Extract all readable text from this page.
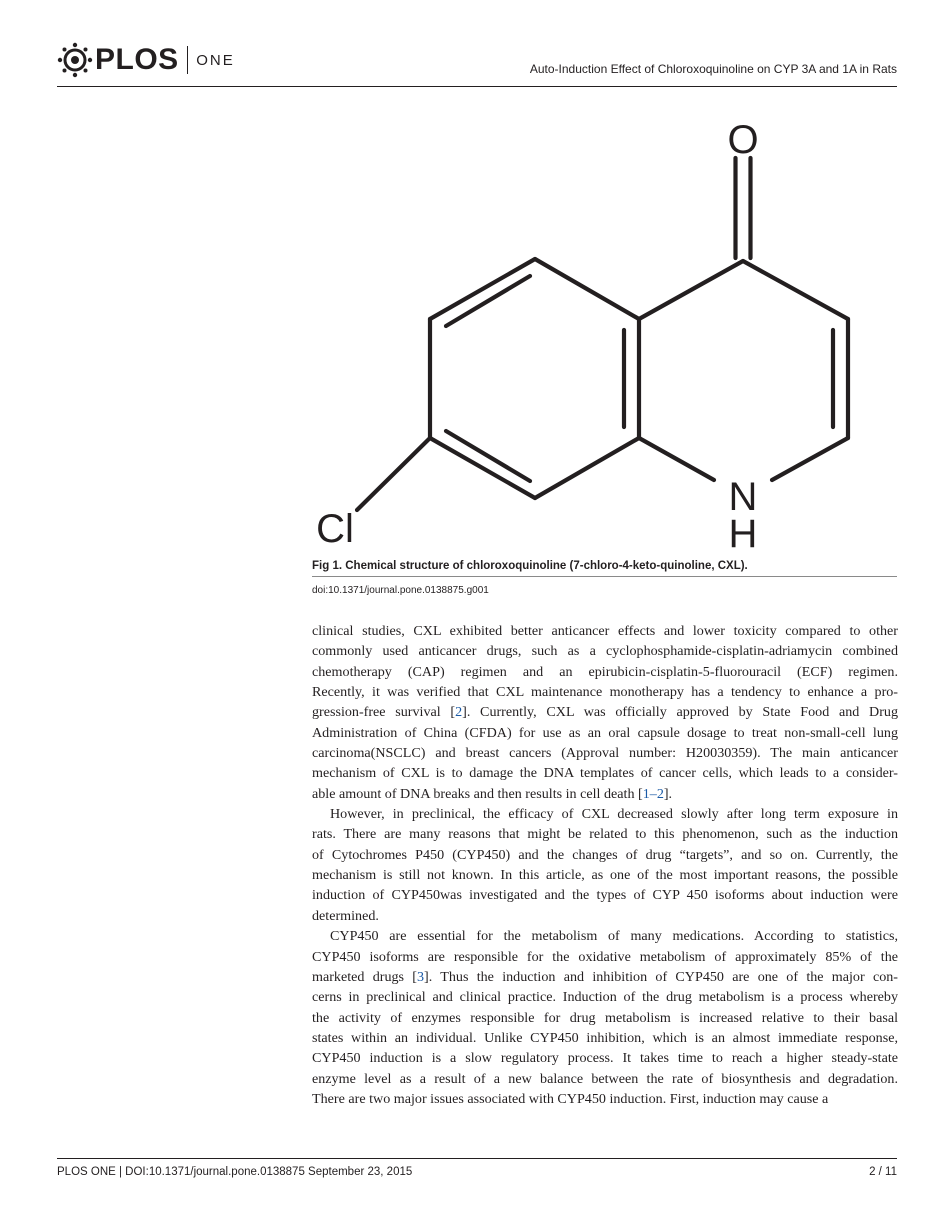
PLOS ONE
Auto-Induction Effect of Chloroxoquinoline on CYP 3A and 1A in Rats
O
N
H
Cl
Fig 1. Chemical structure of chloroxoquinoline (7-chloro-4-keto-quinoline, CXL).
doi:10.1371/journal.pone.0138875.g001

clinical studies, CXL exhibited better anticancer effects and lower toxicity compared to other
commonly used anticancer drugs, such as a cyclophosphamide-cisplatin-adriamycin combined
chemotherapy (CAP) regimen and an epirubicin-cisplatin-5-fluorouracil (ECF) regimen.
Recently, it was verified that CXL maintenance monotherapy has a tendency to enhance a pro-
gression-free survival [2]. Currently, CXL was officially approved by State Food and Drug
Administration of China (CFDA) for use as an oral capsule dosage to treat non-small-cell lung
carcinoma(NSCLC) and breast cancers (Approval number: H20030359). The main anticancer
mechanism of CXL is to damage the DNA templates of cancer cells, which leads to a consider-
able amount of DNA breaks and then results in cell death [1–2].

However, in preclinical, the efficacy of CXL decreased slowly after long term exposure in
rats. There are many reasons that might be related to this phenomenon, such as the induction
of Cytochromes P450 (CYP450) and the changes of drug “targets”, and so on. Currently, the
mechanism is still not known. In this article, as one of the most important reasons, the possible
induction of CYP450was investigated and the types of CYP 450 isoforms about induction were
determined.

CYP450 are essential for the metabolism of many medications. According to statistics,
CYP450 isoforms are responsible for the oxidative metabolism of approximately 85% of the
marketed drugs [3]. Thus the induction and inhibition of CYP450 are one of the major con-
cerns in preclinical and clinical practice. Induction of the drug metabolism is a process whereby
the activity of enzymes responsible for drug metabolism is increased relative to their basal
states within an individual. Unlike CYP450 inhibition, which is an almost immediate response,
CYP450 induction is a slow regulatory process. It takes time to reach a higher steady-state
enzyme level as a result of a new balance between the rate of biosynthesis and degradation.
There are two major issues associated with CYP450 induction. First, induction may cause a

PLOS ONE | DOI:10.1371/journal.pone.0138875 September 23, 2015	2 / 11
